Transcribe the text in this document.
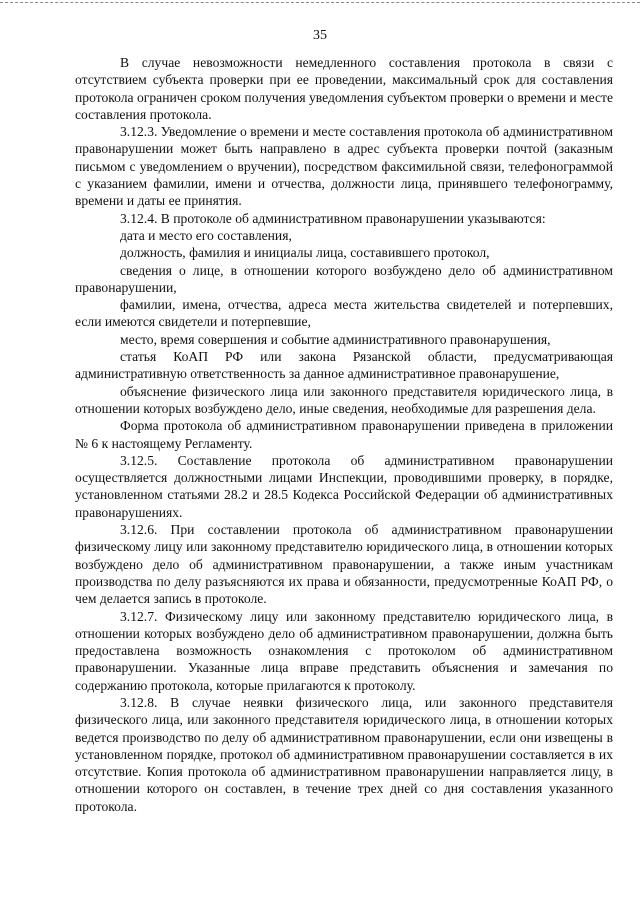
35

В случае невозможности немедленного составления протокола в связи с отсутствием субъекта проверки при ее проведении, максимальный срок для составления протокола ограничен сроком получения уведомления субъектом проверки о времени и месте составления протокола.

3.12.3. Уведомление о времени и месте составления протокола об административном правонарушении может быть направлено в адрес субъекта проверки почтой (заказным письмом с уведомлением о вручении), посредством факсимильной связи, телефонограммой с указанием фамилии, имени и отчества, должности лица, принявшего телефонограмму, времени и даты ее принятия.

3.12.4. В протоколе об административном правонарушении указываются:

дата и место его составления,

должность, фамилия и инициалы лица, составившего протокол,

сведения о лице, в отношении которого возбуждено дело об административном правонарушении,

фамилии, имена, отчества, адреса места жительства свидетелей и потерпевших, если имеются свидетели и потерпевшие,

место, время совершения и событие административного правонарушения,

статья КоАП РФ или закона Рязанской области, предусматривающая административную ответственность за данное административное правонарушение,

объяснение физического лица или законного представителя юридического лица, в отношении которых возбуждено дело, иные сведения, необходимые для разрешения дела.

Форма протокола об административном правонарушении приведена в приложении № 6 к настоящему Регламенту.

3.12.5. Составление протокола об административном правонарушении осуществляется должностными лицами Инспекции, проводившими проверку, в порядке, установленном статьями 28.2 и 28.5 Кодекса Российской Федерации об административных правонарушениях.

3.12.6. При составлении протокола об административном правонарушении физическому лицу или законному представителю юридического лица, в отношении которых возбуждено дело об административном правонарушении, а также иным участникам производства по делу разъясняются их права и обязанности, предусмотренные КоАП РФ, о чем делается запись в протоколе.

3.12.7. Физическому лицу или законному представителю юридического лица, в отношении которых возбуждено дело об административном правонарушении, должна быть предоставлена возможность ознакомления с протоколом об административном правонарушении. Указанные лица вправе представить объяснения и замечания по содержанию протокола, которые прилагаются к протоколу.

3.12.8. В случае неявки физического лица, или законного представителя физического лица, или законного представителя юридического лица, в отношении которых ведется производство по делу об административном правонарушении, если они извещены в установленном порядке, протокол об административном правонарушении составляется в их отсутствие. Копия протокола об административном правонарушении направляется лицу, в отношении которого он составлен, в течение трех дней со дня составления указанного протокола.
